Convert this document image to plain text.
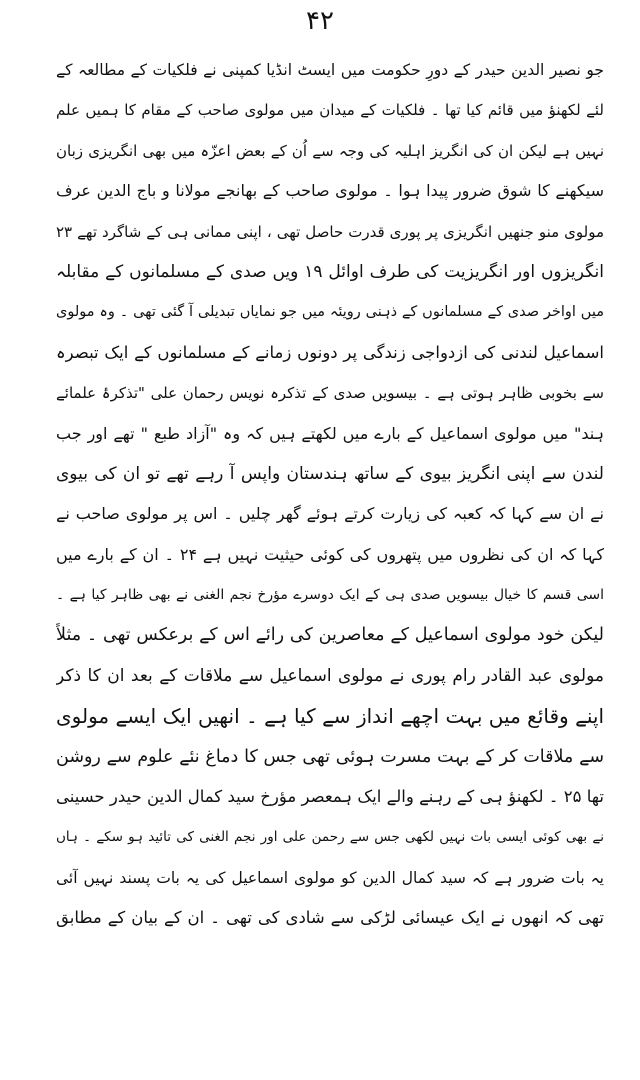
۴۲
جو نصیر الدین حیدر کے دورِ حکومت میں ایسٹ انڈیا کمپنی نے فلکیات کے مطالعہ کے
لئے لکھنؤ میں قائم کیا تھا ۔ فلکیات کے میدان میں مولوی صاحب کے مقام کا ہمیں علم
نہیں ہے لیکن ان کی انگریز اہلیہ کی وجہ سے اُن کے بعض اعزّہ میں بھی انگریزی زبان
سیکھنے کا شوق ضرور پیدا ہوا ۔ مولوی صاحب کے بھانجے مولانا و باج الدین عرف
مولوی منو جنھیں انگریزی پر پوری قدرت حاصل تھی ، اپنی ممانی ہی کے شاگرد تھے ۲۳
انگریزوں اور انگریزیت کی طرف اوائل ۱۹ ویں صدی کے مسلمانوں کے مقابلہ
میں اواخر صدی کے مسلمانوں کے ذہنی رویئہ میں جو نمایاں تبدیلی آ گئی تھی ۔ وہ مولوی
اسماعیل لندنی کی ازدواجی زندگی پر دونوں زمانے کے مسلمانوں کے ایک تبصرہ
سے بخوبی ظاہر ہوتی ہے ۔ بیسویں صدی کے تذکرہ نویس رحمان علی "تذکرۂ علمائے
ہند" میں مولوی اسماعیل کے بارے میں لکھتے ہیں کہ وہ "آزاد طبع " تھے اور جب
لندن سے اپنی انگریز بیوی کے ساتھ ہندستان واپس آ رہے تھے تو ان کی بیوی
نے ان سے کہا کہ کعبہ کی زیارت کرتے ہوئے گھر چلیں ۔ اس پر مولوی صاحب نے
کہا کہ ان کی نظروں میں پتھروں کی کوئی حیثیت نہیں ہے ۲۴ ۔ ان کے بارے میں
اسی قسم کا خیال بیسویں صدی ہی کے ایک دوسرے مؤرخ نجم الغنی نے بھی ظاہر کیا ہے ۔
لیکن خود مولوی اسماعیل کے معاصرین کی رائے اس کے برعکس تھی ۔ مثلاً
مولوی عبد القادر رام پوری نے مولوی اسماعیل سے ملاقات کے بعد ان کا ذکر
اپنے وقائع میں بہت اچھے انداز سے کیا ہے ۔ انھیں ایک ایسے مولوی
سے ملاقات کر کے بہت مسرت ہوئی تھی جس کا دماغ نئے علوم سے روشن
تھا ۲۵ ۔ لکھنؤ ہی کے رہنے والے ایک ہمعصر مؤرخ سید کمال الدین حیدر حسینی
نے بھی کوئی ایسی بات نہیں لکھی جس سے رحمن علی اور نجم الغنی کی تائید ہو سکے ۔ ہاں
یہ بات ضرور ہے کہ سید کمال الدین کو مولوی اسماعیل کی یہ بات پسند نہیں آئی
تھی کہ انھوں نے ایک عیسائی لڑکی سے شادی کی تھی ۔ ان کے بیان کے مطابق
